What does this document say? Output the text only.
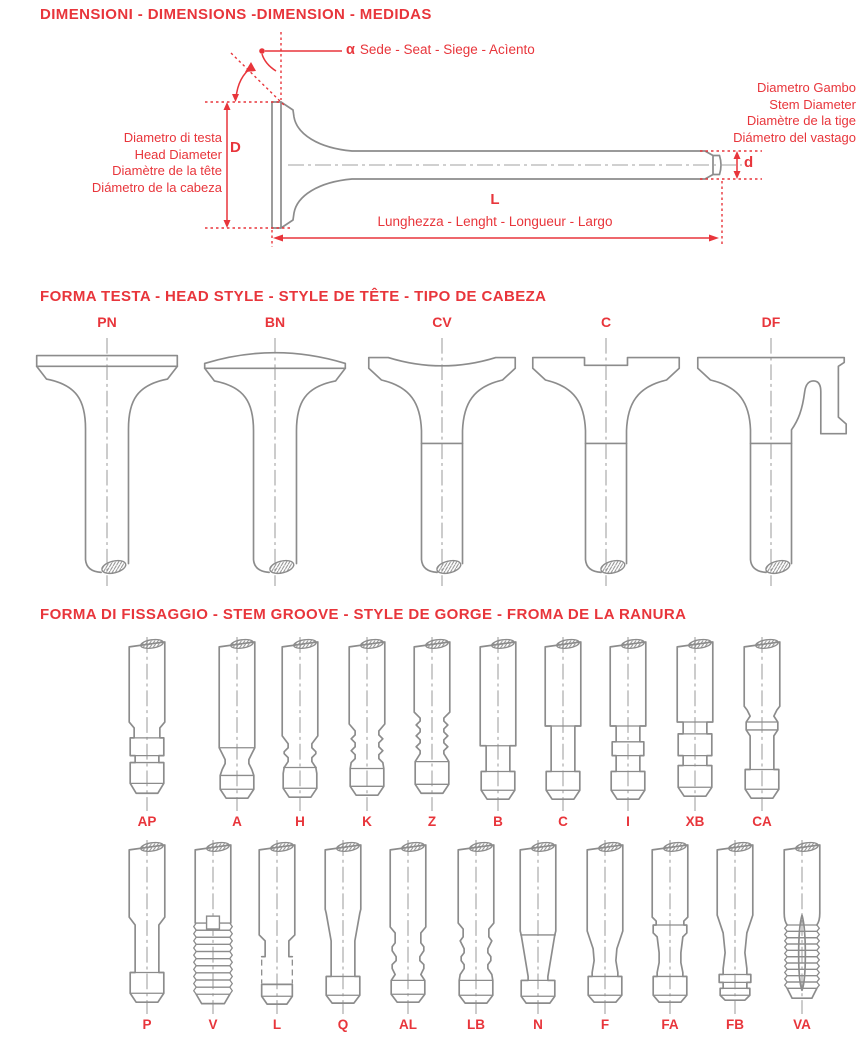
DIMENSIONI - DIMENSIONS -DIMENSION - MEDIDAS
α Sede - Seat - Siege - Acìento
Diametro Gambo
Stem Diameter
Diamètre de la tige
Diámetro del vastago
d
Diametro di testa
Head Diameter
Diamètre de la tête
Diámetro de la cabeza
D
L
Lunghezza - Lenght - Longueur - Largo
FORMA TESTA - HEAD STYLE - STYLE DE TÊTE - TIPO DE CABEZA
PN	BN	CV	C	DF
FORMA DI FISSAGGIO - STEM GROOVE - STYLE DE GORGE - FROMA DE LA RANURA
AP	A	H	K	Z	B	C	I	XB	CA
P	V	L	Q	AL	LB	N	F	FA	FB	VA
